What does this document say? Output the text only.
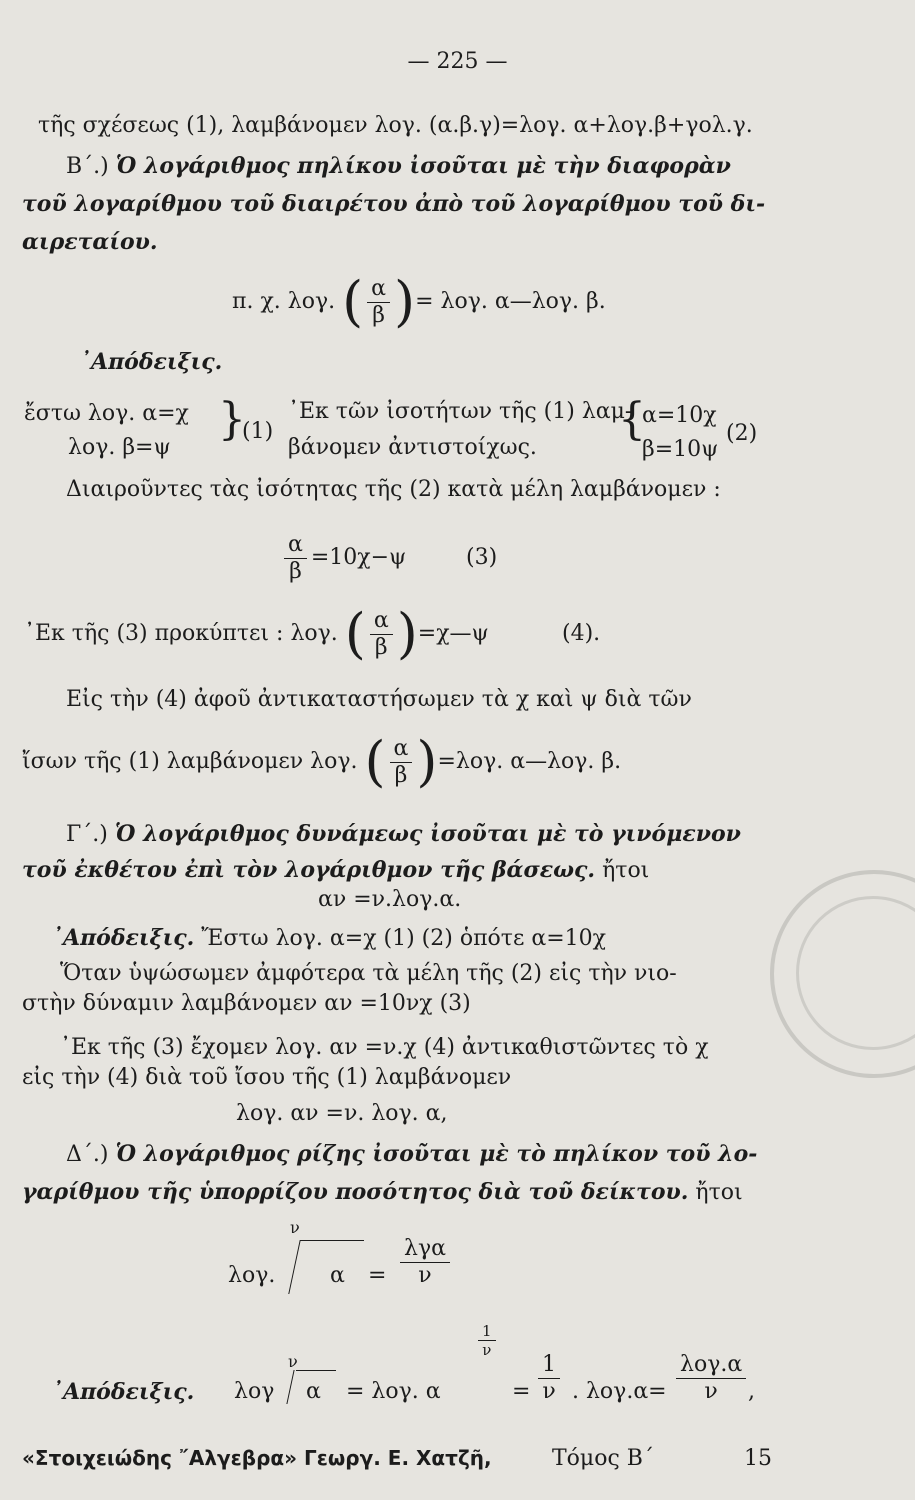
— 225 —
τῆς σχέσεως (1), λαμβάνομεν λογ. (α.β.γ)=λογ. α+λογ.β+γολ.γ.
Β΄.) Ὁ λογάριθμος πηλίκου ἰσοῦται μὲ τὴν διαφορὰν
τοῦ λογαρίθμου τοῦ διαιρέτου ἀπὸ τοῦ λογαρίθμου τοῦ δι-
αιρεταίου.
π. χ. λογ. ( $\frac{\alpha}{\beta}$ )= λογ. α—λογ. β.
᾿Απόδειξις.
ἔστω λογ. α=χ
λογ. β=ψ
}
(1)
᾿Εκ τῶν ἰσοτήτων τῆς (1) λαμ-
βάνομεν ἀντιστοίχως.
{
α=10χ
β=10ψ
(2)
Διαιροῦντες τὰς ἰσότητας τῆς (2) κατὰ μέλη λαμβάνομεν :
$\frac{\alpha}{\beta} =10\chi-\psi$	(3)
᾿Εκ τῆς (3) προκύπτει : λογ. ( $\frac{\alpha}{\beta}$ )=χ—ψ	(4).
Εἰς τὴν (4) ἀφοῦ ἀντικαταστήσωμεν τὰ χ καὶ ψ διὰ τῶν
ἴσων τῆς (1) λαμβάνομεν λογ. ( $\frac{\alpha}{\beta} )=\lambda o\gamma$. α—λογ. β.
Γ΄.) Ὁ λογάριθμος δυνάμεως ἰσοῦται μὲ τὸ γινόμενον
τοῦ ἐκθέτου ἐπὶ τὸν λογάριθμον τῆς βάσεως. ἤτοι
αν =ν.λογ.α.
᾿Απόδειξις. Ἔστω λογ. α=χ (1) (2) ὁπότε α=10χ
Ὅταν ὑψώσωμεν ἀμφότερα τὰ μέλη τῆς (2) εἰς τὴν νιο-
στὴν δύναμιν λαμβάνομεν αν =10νχ (3)
᾿Εκ τῆς (3) ἔχομεν λογ. αν =ν.χ (4) ἀντικαθιστῶντες τὸ χ
εἰς τὴν (4) διὰ τοῦ ἴσου τῆς (1) λαμβάνομεν
λογ. αν =ν. λογ. α,
Δ΄.) Ὁ λογάριθμος ρίζης ἰσοῦται μὲ τὸ πηλίκον τοῦ λο-
γαρίθμου τῆς ὑπορρίζου ποσότητος διὰ τοῦ δείκτου. ἤτοι
λογ.
ν
$\alpha = \frac{\text{λγα}}{\nu}$
᾿Απόδειξις. λογ
ν
α = λογ. α
$\frac{1}{\nu}$
= $\frac{1}{\nu}$ . $\lambda o\gamma.\alpha= \frac{\text{λογ.α}}{\nu}$ ,
«Στοιχειώδης ῎Αλγεβρα» Γεωργ. Ε. Χατζῆ,	Τόμος Β΄	15
